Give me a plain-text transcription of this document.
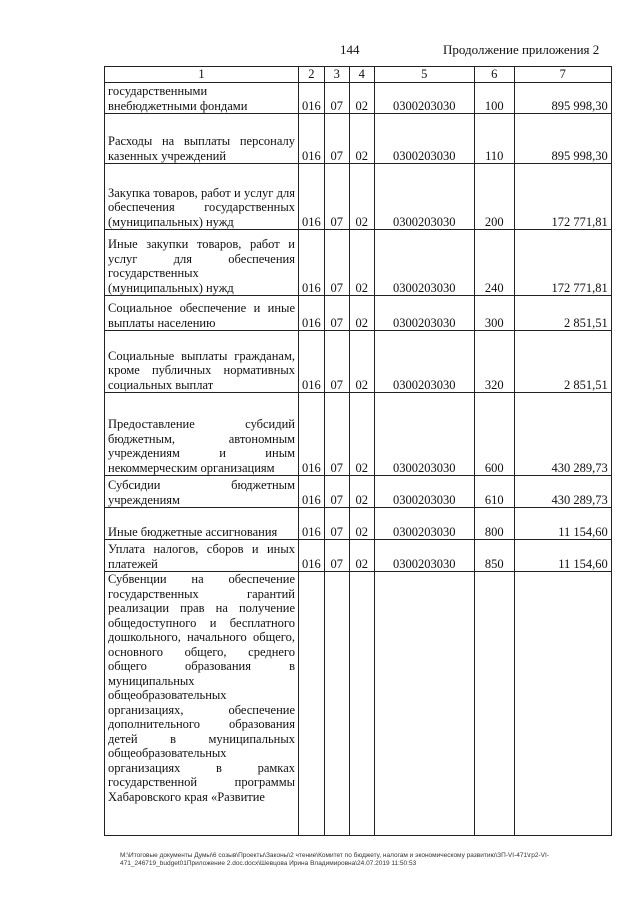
144	Продолжение приложения 2
1	2	3	4	5	6	7
государственными внебюджетными фондами	016	07	02	0300203030	100	895 998,30
Расходы на выплаты персоналу казенных учреждений	016	07	02	0300203030	110	895 998,30
Закупка товаров, работ и услуг для обеспечения государственных (муниципальных) нужд	016	07	02	0300203030	200	172 771,81
Иные закупки товаров, работ и услуг для обеспечения государственных (муниципальных) нужд	016	07	02	0300203030	240	172 771,81
Социальное обеспечение и иные выплаты населению	016	07	02	0300203030	300	2 851,51
Социальные выплаты гражданам, кроме публичных нормативных социальных выплат	016	07	02	0300203030	320	2 851,51
Предоставление субсидий бюджетным, автономным учреждениям и иным некоммерческим организациям	016	07	02	0300203030	600	430 289,73
Субсидии бюджетным учреждениям	016	07	02	0300203030	610	430 289,73
Иные бюджетные ассигнования	016	07	02	0300203030	800	11 154,60
Уплата налогов, сборов и иных платежей	016	07	02	0300203030	850	11 154,60
Субвенции на обеспечение государственных гарантий реализации прав на получение общедоступного и бесплатного дошкольного, начального общего, основного общего, среднего общего образования в муниципальных общеобразовательных организациях, обеспечение дополнительного образования детей в муниципальных общеобразовательных организациях в рамках государственной программы Хабаровского края «Развитие						
M:\Итоговые документы Думы\6 созыв\Проекты\Законы\2 чтение\Комитет по бюджету, налогам и экономическому развитию\ЗП-VI-471\гр2-VI-471_246719_budget01Приложение 2.doc.docx\Шевцова Ирина Владимировна\24.07.2019 11:50:53
